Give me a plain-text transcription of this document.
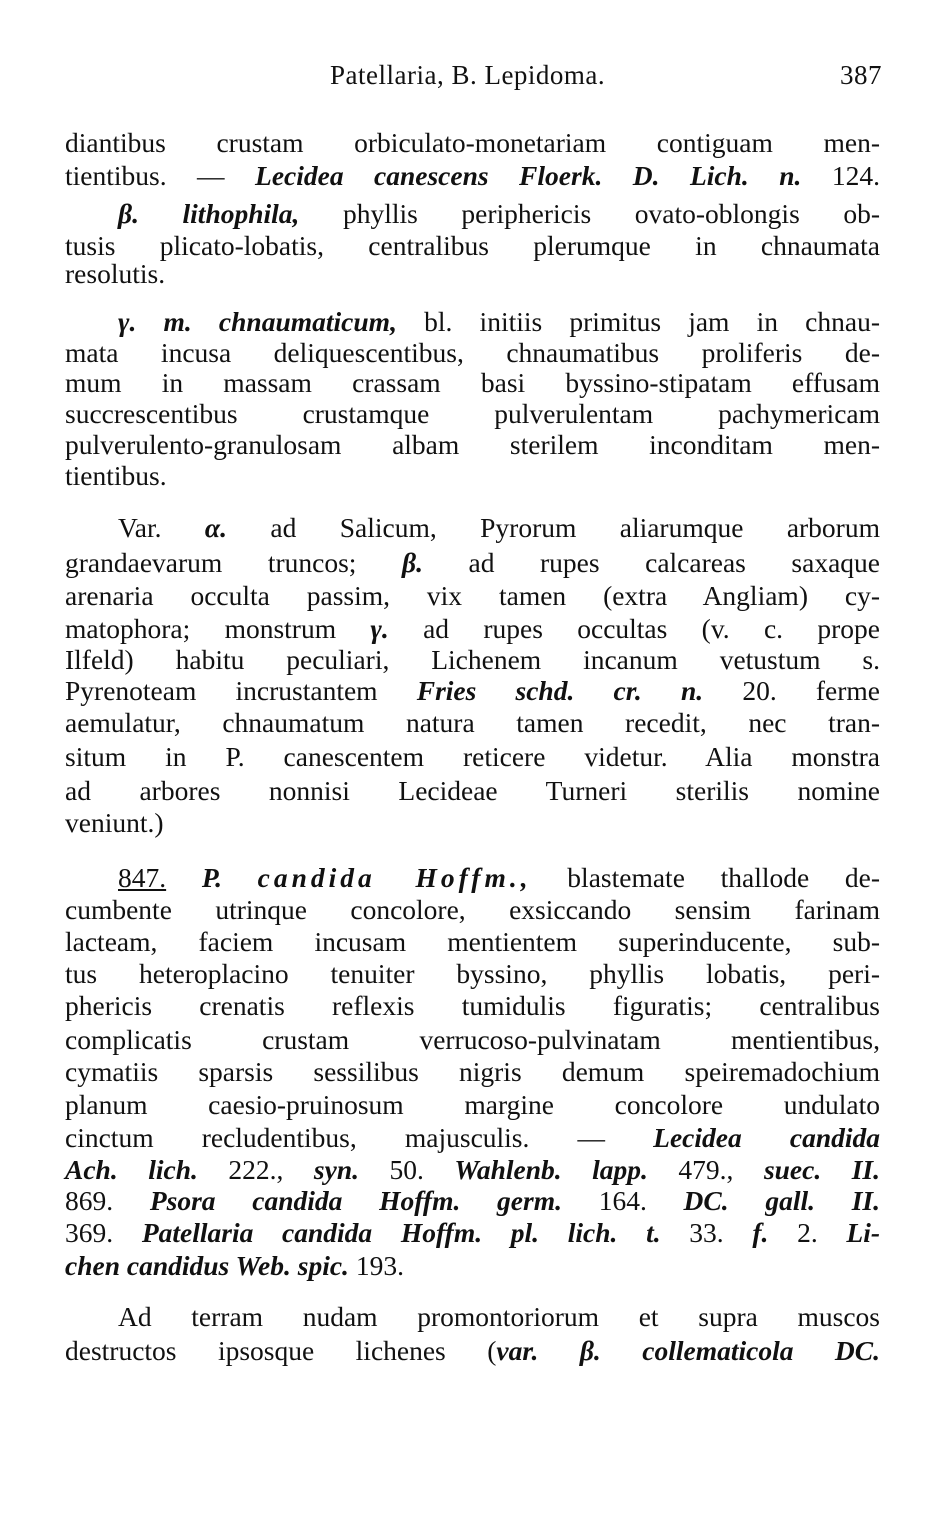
Patellaria, B. Lepidoma.	387
diantibus crustam orbiculato-monetariam contiguam men-
tientibus. — Lecidea canescens Floerk. D. Lich. n. 124.
β. lithophila, phyllis periphericis ovato-oblongis ob-
tusis plicato-lobatis, centralibus plerumque in chnaumata
resolutis.
γ. m. chnaumaticum, bl. initiis primitus jam in chnau-
mata incusa deliquescentibus, chnaumatibus proliferis de-
mum in massam crassam basi byssino-stipatam effusam
succrescentibus crustamque pulverulentam pachymericam
pulverulento-granulosam albam sterilem inconditam men-
tientibus.
Var. α. ad Salicum, Pyrorum aliarumque arborum
grandaevarum truncos; β. ad rupes calcareas saxaque
arenaria occulta passim, vix tamen (extra Angliam) cy-
matophora; monstrum γ. ad rupes occultas (v. c. prope
Ilfeld) habitu peculiari, Lichenem incanum vetustum s.
Pyrenoteam incrustantem Fries schd. cr. n. 20. ferme
aemulatur, chnaumatum natura tamen recedit, nec tran-
situm in P. canescentem reticere videtur. Alia monstra
ad arbores nonnisi Lecideae Turneri sterilis nomine
veniunt.)
847. P. candida Hoffm., blastemate thallode de-
cumbente utrinque concolore, exsiccando sensim farinam
lacteam, faciem incusam mentientem superinducente, sub-
tus heteroplacino tenuiter byssino, phyllis lobatis, peri-
phericis crenatis reflexis tumidulis figuratis; centralibus
complicatis crustam verrucoso-pulvinatam mentientibus,
cymatiis sparsis sessilibus nigris demum speiremadochium
planum caesio-pruinosum margine concolore undulato
cinctum recludentibus, majusculis. — Lecidea candida
Ach. lich. 222., syn. 50. Wahlenb. lapp. 479., suec. II.
869. Psora candida Hoffm. germ. 164. DC. gall. II.
369. Patellaria candida Hoffm. pl. lich. t. 33. f. 2. Li-
chen candidus Web. spic. 193.
Ad terram nudam promontoriorum et supra muscos
destructos ipsosque lichenes (var. β. collematicola DC.
